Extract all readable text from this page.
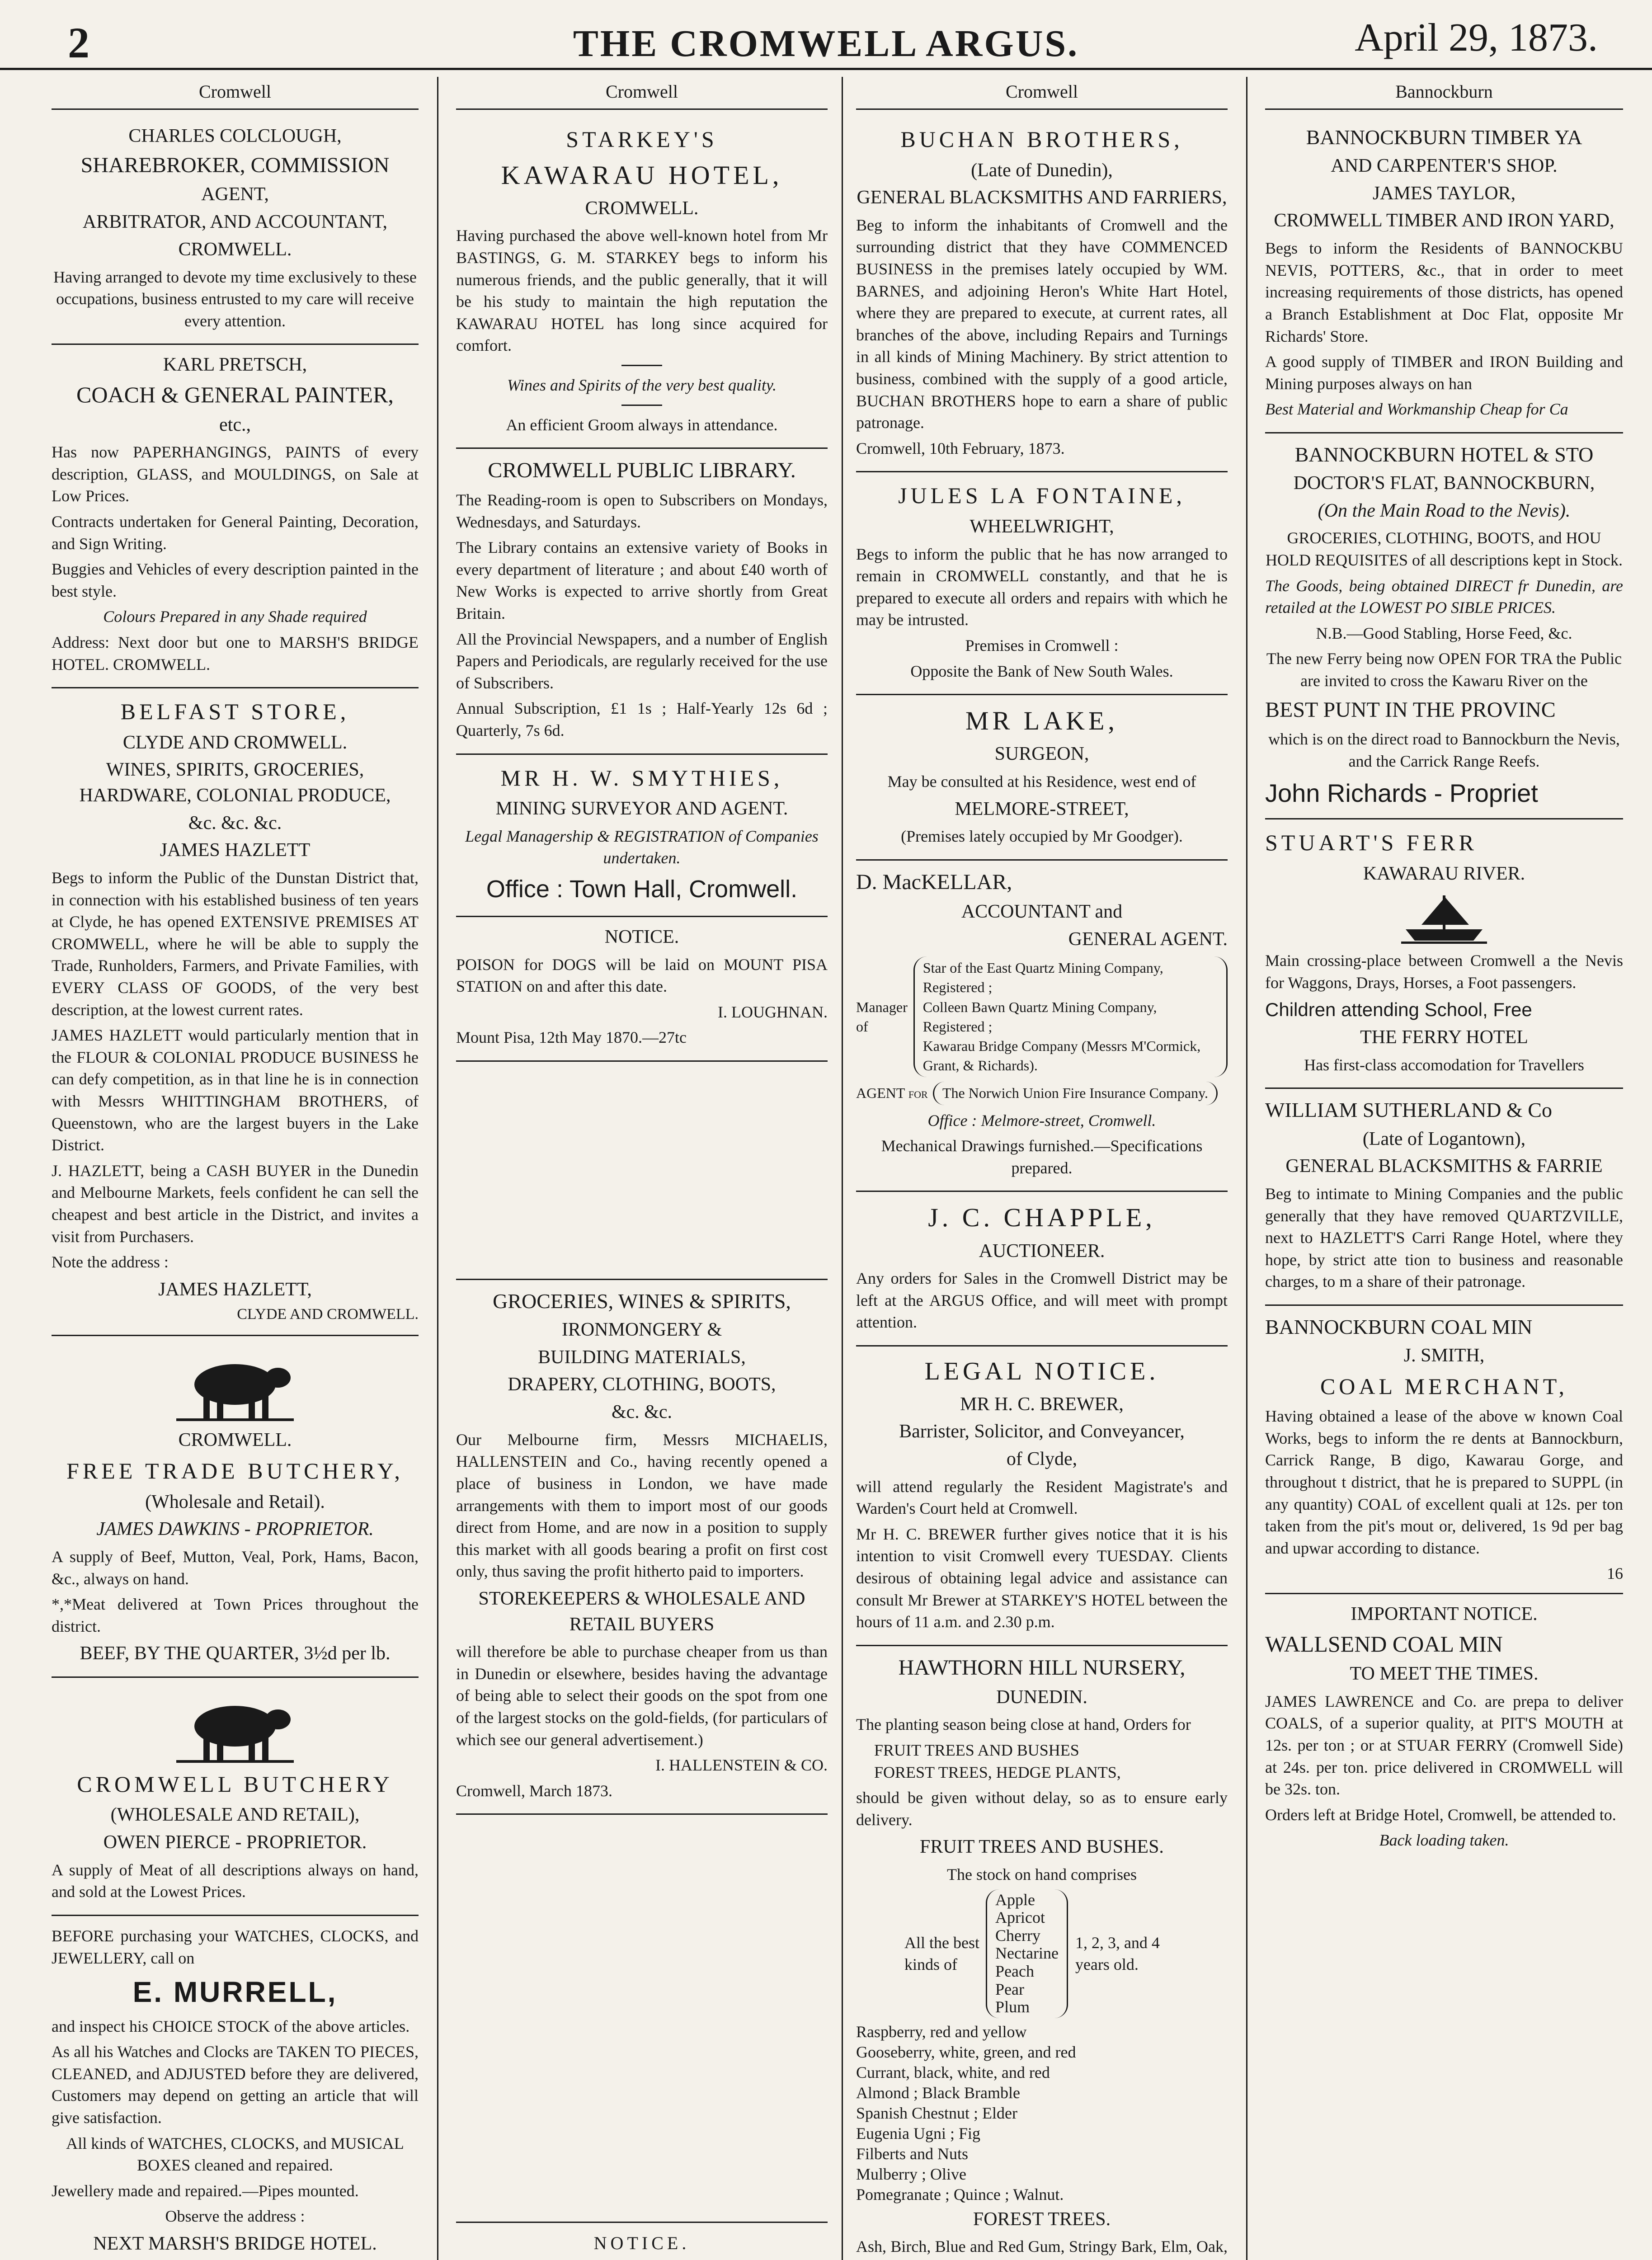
2	THE CROMWELL ARGUS.	April 29, 1873.
Cromwell
CHARLES COLCLOUGH,
SHAREBROKER, COMMISSION
AGENT,
ARBITRATOR, AND ACCOUNTANT,
CROMWELL.

Having arranged to devote my time exclusively to these occupations, business entrusted to my care will receive every attention.

KARL PRETSCH,
COACH & GENERAL PAINTER,
etc.,

Has now PAPERHANGINGS, PAINTS of every description, GLASS, and MOULDINGS, on Sale at Low Prices.

Contracts undertaken for General Painting, Decoration, and Sign Writing.

Buggies and Vehicles of every description painted in the best style.

Colours Prepared in any Shade required

Address: Next door but one to MARSH'S BRIDGE HOTEL. CROMWELL.

BELFAST STORE,
CLYDE AND CROMWELL.
WINES, SPIRITS, GROCERIES, HARDWARE, COLONIAL PRODUCE,
&c. &c. &c.
JAMES HAZLETT

Begs to inform the Public of the Dunstan District that, in connection with his established business of ten years at Clyde, he has opened EXTENSIVE PREMISES AT CROMWELL, where he will be able to supply the Trade, Runholders, Farmers, and Private Families, with EVERY CLASS OF GOODS, of the very best description, at the lowest current rates.

JAMES HAZLETT would particularly mention that in the FLOUR & COLONIAL PRODUCE BUSINESS he can defy competition, as in that line he is in connection with Messrs WHITTINGHAM BROTHERS, of Queenstown, who are the largest buyers in the Lake District.

J. HAZLETT, being a CASH BUYER in the Dunedin and Melbourne Markets, feels confident he can sell the cheapest and best article in the District, and invites a visit from Purchasers.

Note the address :

JAMES HAZLETT,
CLYDE AND CROMWELL.
CROMWELL.
FREE TRADE BUTCHERY,
(Wholesale and Retail).
JAMES DAWKINS - PROPRIETOR.

A supply of Beef, Mutton, Veal, Pork, Hams, Bacon, &c., always on hand.

*,*Meat delivered at Town Prices throughout the district.

BEEF, BY THE QUARTER, 3½d per lb.
CROMWELL BUTCHERY
(WHOLESALE AND RETAIL),
OWEN PIERCE - PROPRIETOR.

A supply of Meat of all descriptions always on hand, and sold at the Lowest Prices.

BEFORE purchasing your WATCHES, CLOCKS, and JEWELLERY, call on

E. MURRELL,

and inspect his CHOICE STOCK of the above articles.

As all his Watches and Clocks are TAKEN TO PIECES, CLEANED, and ADJUSTED before they are delivered, Customers may depend on getting an article that will give satisfaction.

All kinds of WATCHES, CLOCKS, and MUSICAL BOXES cleaned and repaired.

Jewellery made and repaired.—Pipes mounted.

Observe the address :

NEXT MARSH'S BRIDGE HOTEL.
Cromwell
STARKEY'S
KAWARAU HOTEL,
CROMWELL.

Having purchased the above well-known hotel from Mr BASTINGS, G. M. STARKEY begs to inform his numerous friends, and the public generally, that it will be his study to maintain the high reputation the KAWARAU HOTEL has long since acquired for comfort.

Wines and Spirits of the very best quality.

An efficient Groom always in attendance.

CROMWELL PUBLIC LIBRARY.

The Reading-room is open to Subscribers on Mondays, Wednesdays, and Saturdays.

The Library contains an extensive variety of Books in every department of literature ; and about £40 worth of New Works is expected to arrive shortly from Great Britain.

All the Provincial Newspapers, and a number of English Papers and Periodicals, are regularly received for the use of Subscribers.

Annual Subscription, £1 1s ; Half-Yearly 12s 6d ; Quarterly, 7s 6d.

MR H. W. SMYTHIES,
MINING SURVEYOR AND AGENT.

Legal Managership & REGISTRATION of Companies undertaken.

Office : Town Hall, Cromwell.
NOTICE.

POISON for DOGS will be laid on MOUNT PISA STATION on and after this date.

I. LOUGHNAN.

Mount Pisa, 12th May 1870.—27tc

GROCERIES, WINES & SPIRITS,
IRONMONGERY &
BUILDING MATERIALS,
DRAPERY, CLOTHING, BOOTS,
&c. &c.

Our Melbourne firm, Messrs MICHAELIS, HALLENSTEIN and Co., having recently opened a place of business in London, we have made arrangements with them to import most of our goods direct from Home, and are now in a position to supply this market with all goods bearing a profit on first cost only, thus saving the profit hitherto paid to importers.

STOREKEEPERS & WHOLESALE AND RETAIL BUYERS

will therefore be able to purchase cheaper from us than in Dunedin or elsewhere, besides having the advantage of being able to select their goods on the spot from one of the largest stocks on the gold-fields, (for particulars of which see our general advertisement.)

I. HALLENSTEIN & CO.

Cromwell, March 1873.

NOTICE.

Cromwell
BUCHAN BROTHERS,
(Late of Dunedin),
GENERAL BLACKSMITHS AND FARRIERS,

Beg to inform the inhabitants of Cromwell and the surrounding district that they have COMMENCED BUSINESS in the premises lately occupied by WM. BARNES, and adjoining Heron's White Hart Hotel, where they are prepared to execute, at current rates, all branches of the above, including Repairs and Turnings in all kinds of Mining Machinery. By strict attention to business, combined with the supply of a good article, BUCHAN BROTHERS hope to earn a share of public patronage.

Cromwell, 10th February, 1873.

JULES LA FONTAINE,
WHEELWRIGHT,

Begs to inform the public that he has now arranged to remain in CROMWELL constantly, and that he is prepared to execute all orders and repairs with which he may be intrusted.

Premises in Cromwell :

Opposite the Bank of New South Wales.

MR LAKE,
SURGEON,

May be consulted at his Residence, west end of

MELMORE-STREET,

(Premises lately occupied by Mr Goodger).

D. MacKELLAR,
ACCOUNTANT and
GENERAL AGENT.
Manager of
Star of the East Quartz Mining Company, Registered ;
Colleen Bawn Quartz Mining Company, Registered ;
Kawarau Bridge Company (Messrs M'Cormick, Grant, & Richards).
AGENT for	The Norwich Union Fire Insurance Company.

Office : Melmore-street, Cromwell.

Mechanical Drawings furnished.—Specifications prepared.

J. C. CHAPPLE,
AUCTIONEER.

Any orders for Sales in the Cromwell District may be left at the ARGUS Office, and will meet with prompt attention.

LEGAL NOTICE.
MR H. C. BREWER,
Barrister, Solicitor, and Conveyancer,
of Clyde,

will attend regularly the Resident Magistrate's and Warden's Court held at Cromwell.

Mr H. C. BREWER further gives notice that it is his intention to visit Cromwell every TUESDAY. Clients desirous of obtaining legal advice and assistance can consult Mr Brewer at STARKEY'S HOTEL between the hours of 11 a.m. and 2.30 p.m.

HAWTHORN HILL NURSERY,
DUNEDIN.

The planting season being close at hand, Orders for

FRUIT TREES AND BUSHES
FOREST TREES, HEDGE PLANTS,

should be given without delay, so as to ensure early delivery.

FRUIT TREES AND BUSHES.

The stock on hand comprises

All the best
kinds of
Apple
Apricot
Cherry
Nectarine
Peach
Pear
Plum
1, 2, 3, and 4 years old.
Raspberry, red and yellow
Gooseberry, white, green, and red
Currant, black, white, and red
Almond ; Black Bramble
Spanish Chestnut ; Elder
Eugenia Ugni ; Fig
Filberts and Nuts
Mulberry ; Olive
Pomegranate ; Quince ; Walnut.
FOREST TREES.

Ash, Birch, Blue and Red Gum, Stringy Bark, Elm, Oak,

Bannockburn
BANNOCKBURN TIMBER YA
AND CARPENTER'S SHOP.
JAMES TAYLOR,
CROMWELL TIMBER AND IRON YARD,

Begs to inform the Residents of BANNOCKBU NEVIS, POTTERS, &c., that in order to meet increasing requirements of those districts, has opened a Branch Establishment at Doc Flat, opposite Mr Richards' Store.

A good supply of TIMBER and IRON Building and Mining purposes always on han

Best Material and Workmanship Cheap for Ca

BANNOCKBURN HOTEL & STO
DOCTOR'S FLAT, BANNOCKBURN,
(On the Main Road to the Nevis).

GROCERIES, CLOTHING, BOOTS, and HOU HOLD REQUISITES of all descriptions kept in Stock.

The Goods, being obtained DIRECT fr Dunedin, are retailed at the LOWEST PO SIBLE PRICES.

N.B.—Good Stabling, Horse Feed, &c.

The new Ferry being now OPEN FOR TRA the Public are invited to cross the Kawaru River on the

BEST PUNT IN THE PROVINC

which is on the direct road to Bannockburn the Nevis, and the Carrick Range Reefs.

John Richards - Propriet
STUART'S FERR
KAWARAU RIVER.

Main crossing-place between Cromwell a the Nevis for Waggons, Drays, Horses, a Foot passengers.

Children attending School, Free
THE FERRY HOTEL

Has first-class accomodation for Travellers

WILLIAM SUTHERLAND & Co
(Late of Logantown),
GENERAL BLACKSMITHS & FARRIE

Beg to intimate to Mining Companies and the public generally that they have removed QUARTZVILLE, next to HAZLETT'S Carri Range Hotel, where they hope, by strict atte tion to business and reasonable charges, to m a share of their patronage.

BANNOCKBURN COAL MIN
J. SMITH,
COAL MERCHANT,

Having obtained a lease of the above w known Coal Works, begs to inform the re dents at Bannockburn, Carrick Range, B digo, Kawarau Gorge, and throughout t district, that he is prepared to SUPPL (in any quantity) COAL of excellent quali at 12s. per ton taken from the pit's mout or, delivered, 1s 9d per bag and upwar according to distance.

16
IMPORTANT NOTICE.
WALLSEND COAL MIN
TO MEET THE TIMES.

JAMES LAWRENCE and Co. are prepa to deliver COALS, of a superior quality, at PIT'S MOUTH at 12s. per ton ; or at STUAR FERRY (Cromwell Side) at 24s. per ton. price delivered in CROMWELL will be 32s. ton.

Orders left at Bridge Hotel, Cromwell, be attended to.

Back loading taken.
